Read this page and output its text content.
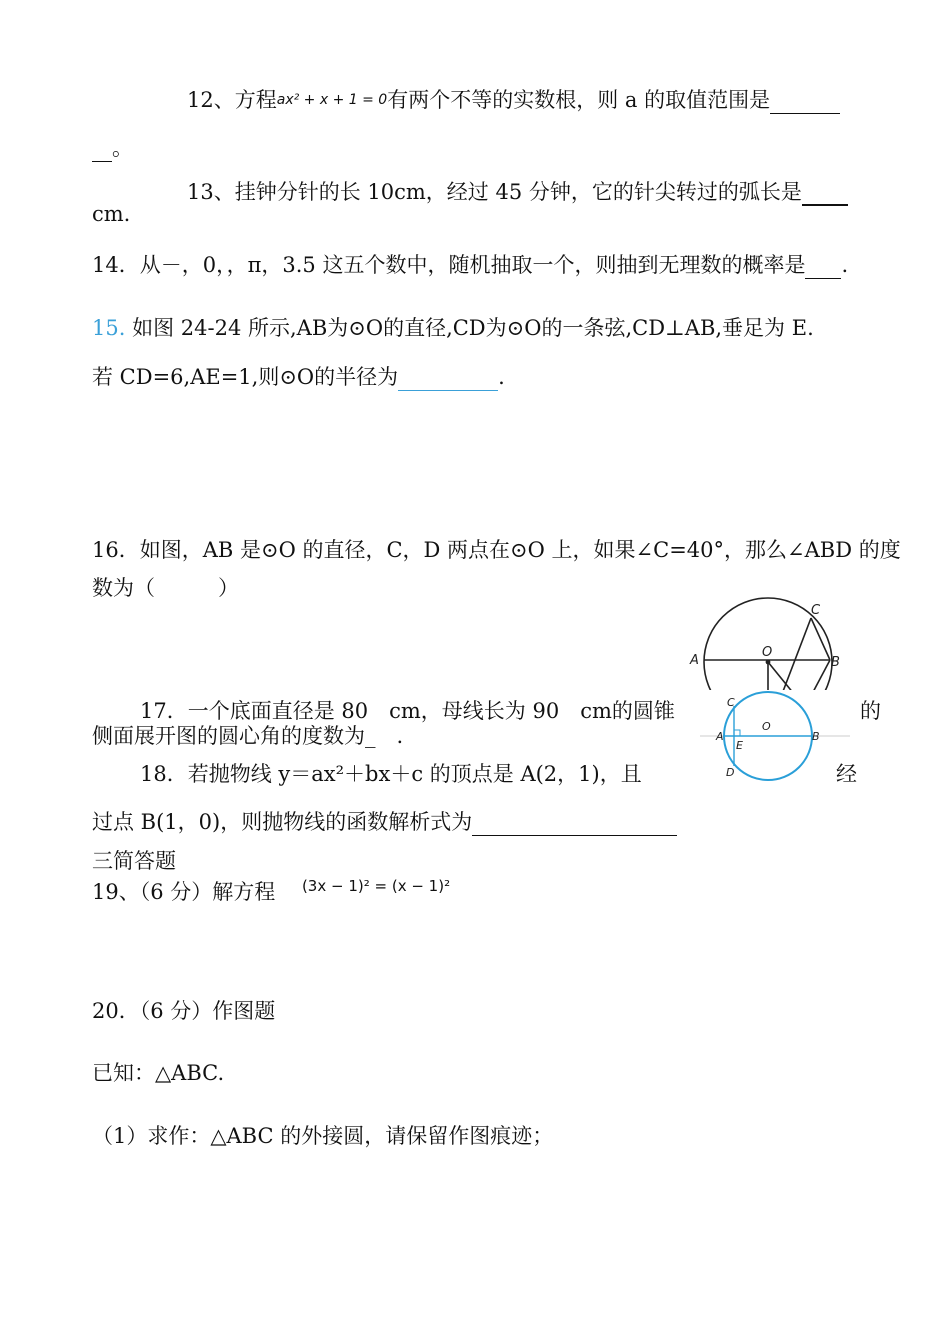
12、方程ax² + x + 1 = 0有两个不等的实数根，则 a 的取值范围是
。
13、挂钟分针的长 10cm，经过 45 分钟，它的针尖转过的弧长是
cm.
14．从－，0，，π，3.5 这五个数中，随机抽取一个，则抽到无理数的概率是 .
15. 如图 24-24 所示,AB为⊙O的直径,CD为⊙O的一条弦,CD⊥AB,垂足为 E.
若 CD=6,AE=1,则⊙O的半径为	.
16．如图，AB 是⊙O 的直径，C，D 两点在⊙O 上，如果∠C=40°，那么∠ABD 的度
数为（　　　）
A	B
C
O
17．一个底面直径是 80　cm，母线长为 90　cm的圆锥	的
侧面展开图的圆心角的度数为_　.	A	B
C
D
E
O
18．若抛物线 y＝ax²＋bx＋c 的顶点是 A(2，1)，且	经
过点 B(1，0)，则抛物线的函数解析式为
三简答题
19、（6 分）解方程 $^{(3x - 1)^2 = (x - 1)^2}$
20．（6 分）作图题
已知：△ABC.
（1）求作：△ABC 的外接圆，请保留作图痕迹；
